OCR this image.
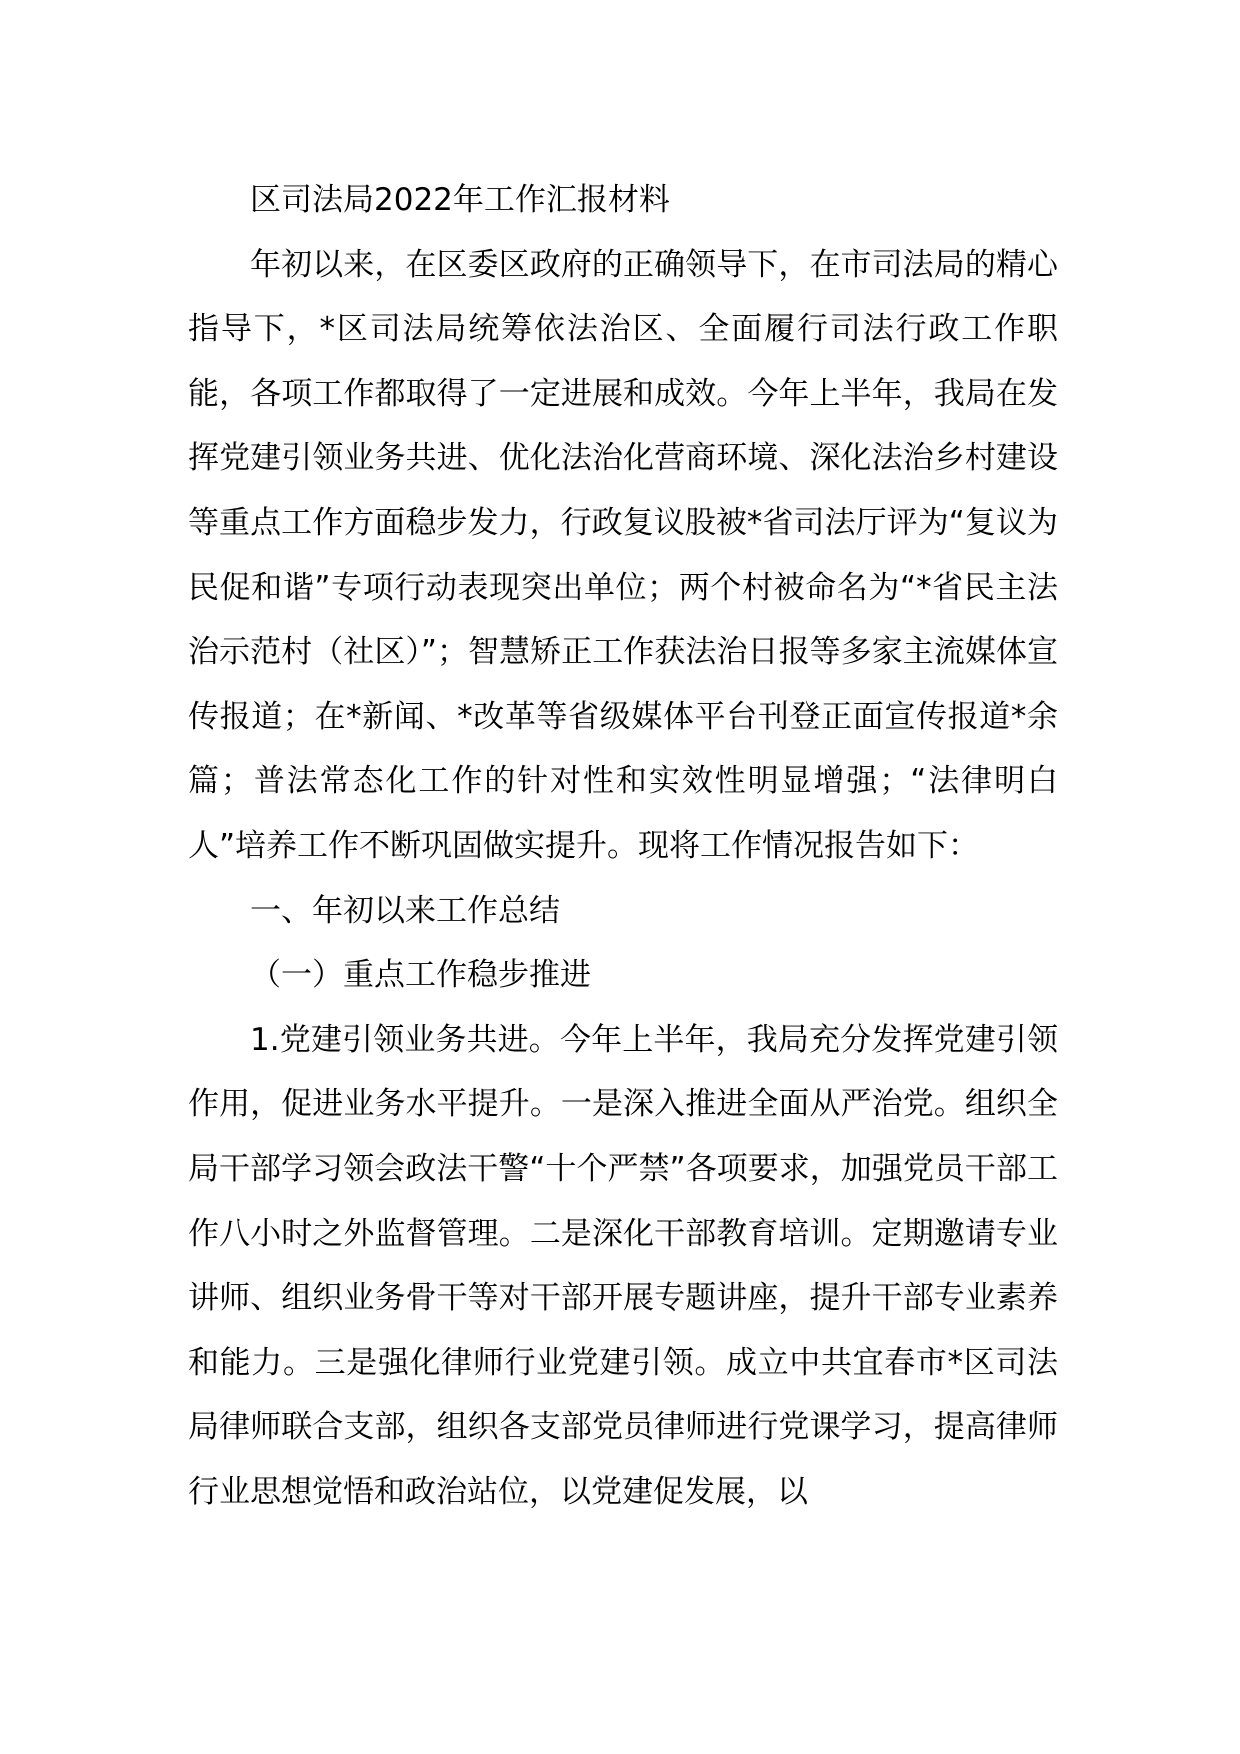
区司法局2022年工作汇报材料

年初以来，在区委区政府的正确领导下，在市司法局的精心指导下，*区司法局统筹依法治区、全面履行司法行政工作职能，各项工作都取得了一定进展和成效。今年上半年，我局在发挥党建引领业务共进、优化法治化营商环境、深化法治乡村建设等重点工作方面稳步发力，行政复议股被*省司法厅评为“复议为民促和谐”专项行动表现突出单位；两个村被命名为“*省民主法治示范村（社区）”；智慧矫正工作获法治日报等多家主流媒体宣传报道；在*新闻、*改革等省级媒体平台刊登正面宣传报道*余篇；普法常态化工作的针对性和实效性明显增强；“法律明白人”培养工作不断巩固做实提升。现将工作情况报告如下：

一、年初以来工作总结

（一）重点工作稳步推进

1.党建引领业务共进。今年上半年，我局充分发挥党建引领作用，促进业务水平提升。一是深入推进全面从严治党。组织全局干部学习领会政法干警“十个严禁”各项要求，加强党员干部工作八小时之外监督管理。二是深化干部教育培训。定期邀请专业讲师、组织业务骨干等对干部开展专题讲座，提升干部专业素养和能力。三是强化律师行业党建引领。成立中共宜春市*区司法局律师联合支部，组织各支部党员律师进行党课学习，提高律师行业思想觉悟和政治站位，以党建促发展，以
